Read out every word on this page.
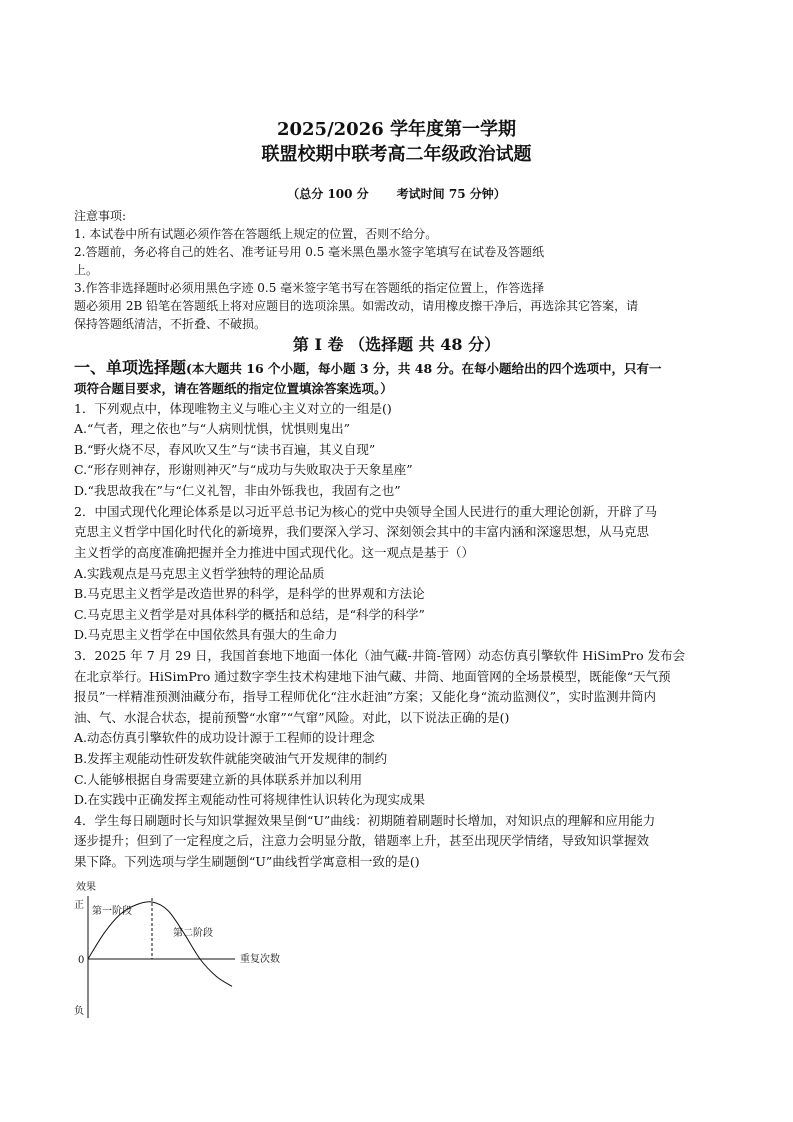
2025/2026 学年度第一学期
联盟校期中联考高二年级政治试题
（总分 100 分 考试时间 75 分钟）
注意事项:
1. 本试卷中所有试题必须作答在答题纸上规定的位置，否则不给分。
2.答题前，务必将自己的姓名、准考证号用 0.5 毫米黑色墨水签字笔填写在试卷及答题纸
上。
3.作答非选择题时必须用黑色字迹 0.5 毫米签字笔书写在答题纸的指定位置上，作答选择
题必须用 2B 铅笔在答题纸上将对应题目的选项涂黑。如需改动，请用橡皮擦干净后，再选涂其它答案，请
保持答题纸清洁，不折叠、不破损。
第 Ⅰ 卷 （选择题 共 48 分）
一、单项选择题(本大题共 16 个小题，每小题 3 分，共 48 分。在每小题给出的四个选项中，只有一
项符合题目要求，请在答题纸的指定位置填涂答案选项。）
1．下列观点中，体现唯物主义与唯心主义对立的一组是()
A.“气者，理之依也”与“人病则忧惧，忧惧则鬼出”
B.“野火烧不尽，春风吹又生”与“读书百遍，其义自现”
C.“形存则神存，形谢则神灭”与“成功与失败取决于天象星座”
D.“我思故我在”与“仁义礼智，非由外铄我也，我固有之也”
2．中国式现代化理论体系是以习近平总书记为核心的党中央领导全国人民进行的重大理论创新，开辟了马
克思主义哲学中国化时代化的新境界，我们要深入学习、深刻领会其中的丰富内涵和深邃思想，从马克思
主义哲学的高度准确把握并全力推进中国式现代化。这一观点是基于（）
A.实践观点是马克思主义哲学独特的理论品质
B.马克思主义哲学是改造世界的科学，是科学的世界观和方法论
C.马克思主义哲学是对具体科学的概括和总结，是“科学的科学”
D.马克思主义哲学在中国依然具有强大的生命力
3．2025 年 7 月 29 日，我国首套地下地面一体化（油气藏-井筒-管网）动态仿真引擎软件 HiSimPro 发布会
在北京举行。HiSimPro 通过数字孪生技术构建地下油气藏、井筒、地面管网的全场景模型，既能像“天气预
报员”一样精准预测油藏分布，指导工程师优化“注水赶油”方案；又能化身“流动监测仪”，实时监测井筒内
油、气、水混合状态，提前预警“水窜”“气窜”风险。对此，以下说法正确的是()
A.动态仿真引擎软件的成功设计源于工程师的设计理念
B.发挥主观能动性研发软件就能突破油气开发规律的制约
C.人能够根据自身需要建立新的具体联系并加以利用
D.在实践中正确发挥主观能动性可将规律性认识转化为现实成果
4．学生每日刷题时长与知识掌握效果呈倒“U”曲线：初期随着刷题时长增加，对知识点的理解和应用能力
逐步提升；但到了一定程度之后，注意力会明显分散，错题率上升，甚至出现厌学情绪，导致知识掌握效
果下降。下列选项与学生刷题倒“U”曲线哲学寓意相一致的是()
效果
正
0
负
重复次数
第一阶段
第二阶段
